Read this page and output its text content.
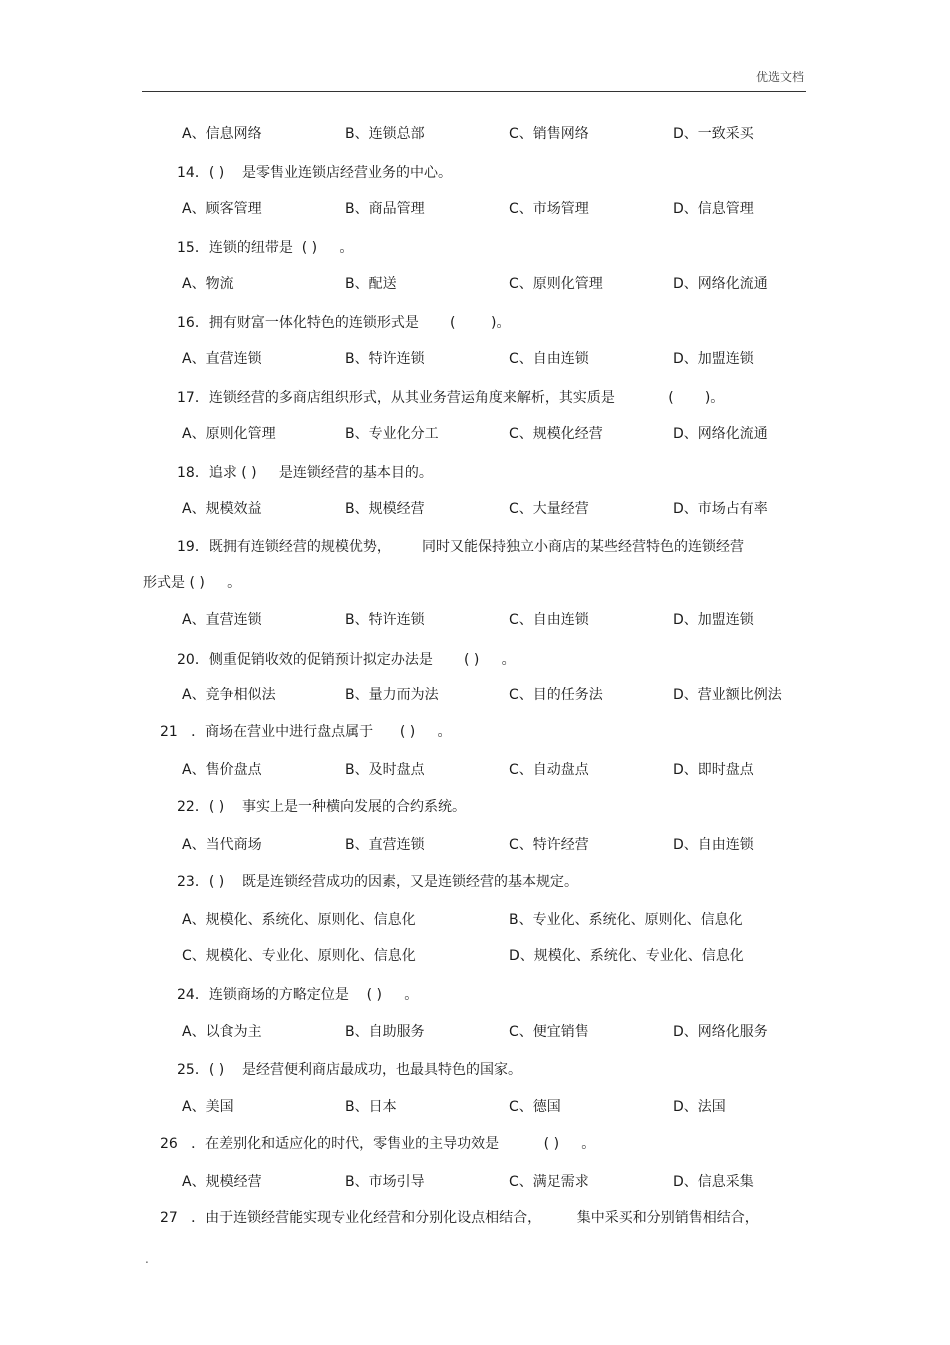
优选文档
A、信息网络	B、连锁总部	C、销售网络	D、一致采买
14．( )    是零售业连锁店经营业务的中心。
A、顾客管理	B、商品管理	C、市场管理	D、信息管理
15．连锁的纽带是  ( )     。
A、物流	B、配送	C、原则化管理	D、网络化流通
16．拥有财富一体化特色的连锁形式是       (        )。
A、直营连锁	B、特许连锁	C、自由连锁	D、加盟连锁
17．连锁经营的多商店组织形式，从其业务营运角度来解析，其实质是            (       )。
A、原则化管理	B、专业化分工	C、规模化经营	D、网络化流通
18．追求 ( )     是连锁经营的基本目的。
A、规模效益	B、规模经营	C、大量经营	D、市场占有率
19．既拥有连锁经营的规模优势，       同时又能保持独立小商店的某些经营特色的连锁经营
形式是 ( )     。
A、直营连锁	B、特许连锁	C、自由连锁	D、加盟连锁
20．侧重促销收效的促销预计拟定办法是       ( )     。
A、竞争相似法	B、量力而为法	C、目的任务法	D、营业额比例法
21   ．商场在营业中进行盘点属于      ( )     。
A、售价盘点	B、及时盘点	C、自动盘点	D、即时盘点
22．( )    事实上是一种横向发展的合约系统。
A、当代商场	B、直营连锁	C、特许经营	D、自由连锁
23．( )    既是连锁经营成功的因素，又是连锁经营的基本规定。
A、规模化、系统化、原则化、信息化	B、专业化、系统化、原则化、信息化
C、规模化、专业化、原则化、信息化	D、规模化、系统化、专业化、信息化
24．连锁商场的方略定位是    ( )     。
A、以食为主	B、自助服务	C、便宜销售	D、网络化服务
25．( )    是经营便利商店最成功，也最具特色的国家。
A、美国	B、日本	C、德国	D、法国
26   ．在差别化和适应化的时代，零售业的主导功效是          ( )     。
A、规模经营	B、市场引导	C、满足需求	D、信息采集
27   ．由于连锁经营能实现专业化经营和分别化设点相结合，        集中采买和分别销售相结合，
.
